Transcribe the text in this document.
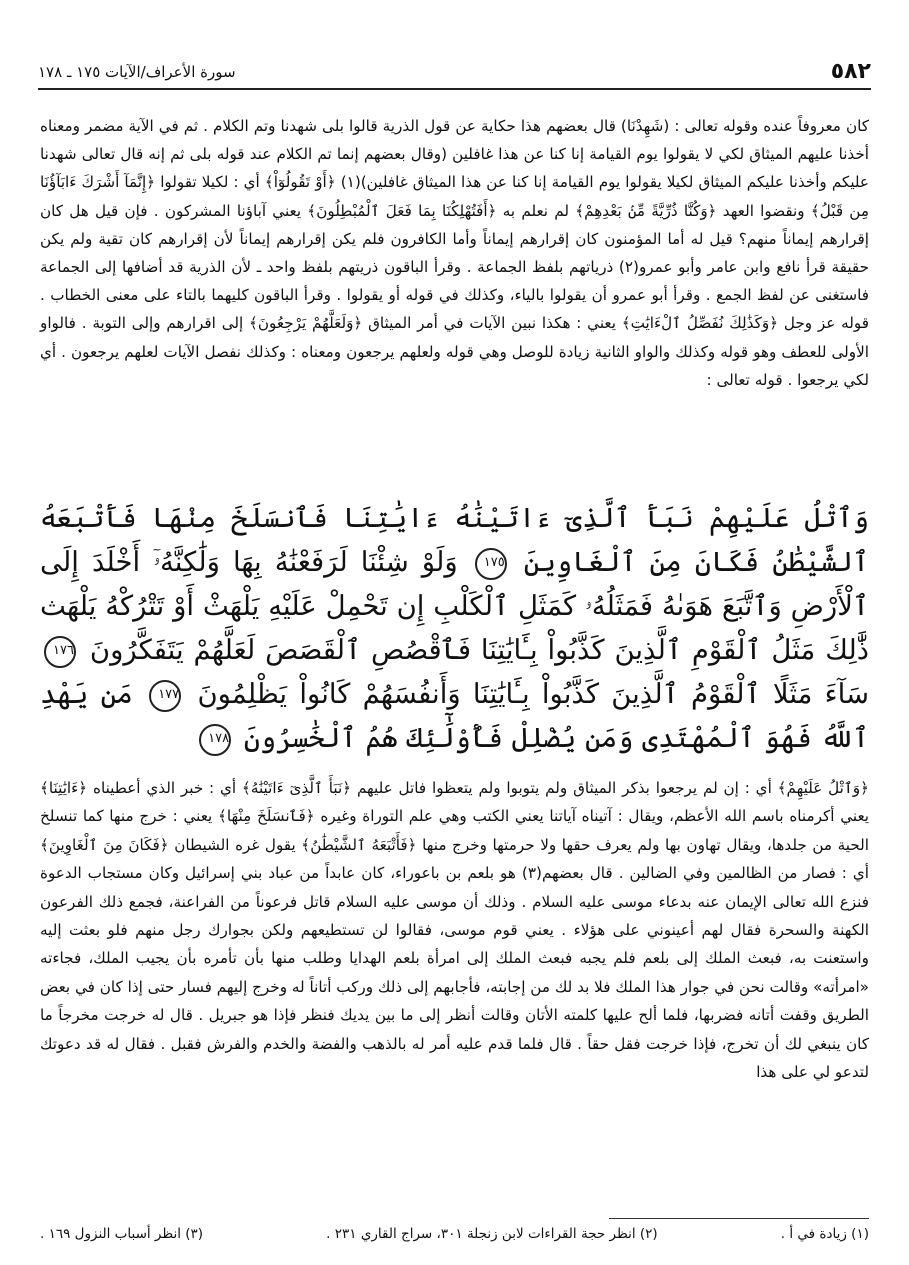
٥٨٢
سورة الأعراف/الآيات ١٧٥ ـ ١٧٨

كان معروفاً عنده وقوله تعالى : (شَهِدْنَا) قال بعضهم هذا حكاية عن قول الذرية قالوا بلى شهدنا وتم الكلام . ثم في الآية مضمر ومعناه أخذنا عليهم الميثاق لكي لا يقولوا يوم القيامة إنا كنا عن هذا غافلين (وقال بعضهم إنما تم الكلام عند قوله بلى ثم إنه قال تعالى شهدنا عليكم وأخذنا عليكم الميثاق لكيلا يقولوا يوم القيامة إنا كنا عن هذا الميثاق غافلين)(١) ﴿أَوْ تَقُولُوٓاْ﴾ أي : لكيلا تقولوا ﴿إِنَّمَآ أَشْرَكَ ءَابَآؤُنَا مِن قَبْلُ﴾ ونقضوا العهد ﴿وَكُنَّا ذُرِّيَّةً مِّنۢ بَعْدِهِمْ﴾ لم نعلم به ﴿أَفَتُهْلِكُنَا بِمَا فَعَلَ ٱلْمُبْطِلُونَ﴾ يعني آباؤنا المشركون . فإن قيل هل كان إقرارهم إيماناً منهم؟ قيل له أما المؤمنون كان إقرارهم إيماناً وأما الكافرون فلم يكن إقرارهم إيماناً لأن إقرارهم كان تقية ولم يكن حقيقة قرأ نافع وابن عامر وأبو عمرو(٢) ذرياتهم بلفظ الجماعة . وقرأ الباقون ذريتهم بلفظ واحد ـ لأن الذرية قد أضافها إلى الجماعة فاستغنى عن لفظ الجمع . وقرأ أبو عمرو أن يقولوا بالياء، وكذلك في قوله أو يقولوا . وقرأ الباقون كليهما بالتاء على معنى الخطاب . قوله عز وجل ﴿وَكَذَٰلِكَ نُفَصِّلُ ٱلْءَايَٰتِ﴾ يعني : هكذا نبين الآيات في أمر الميثاق ﴿وَلَعَلَّهُمْ يَرْجِعُونَ﴾ إلى اقرارهم وإلى التوبة . فالواو الأولى للعطف وهو قوله وكذلك والواو الثانية زيادة للوصل وهي قوله ولعلهم يرجعون ومعناه : وكذلك نفصل الآيات لعلهم يرجعون . أي لكي يرجعوا . قوله تعالى :

وَٱتْلُ عَلَيْهِمْ نَبَأَ ٱلَّذِىٓ ءَاتَيْنَٰهُ ءَايَٰتِنَا فَٱنسَلَخَ مِنْهَا فَأَتْبَعَهُ ٱلشَّيْطَٰنُ فَكَانَ مِنَ ٱلْغَاوِينَ ١٧٥ وَلَوْ شِئْنَا لَرَفَعْنَٰهُ بِهَا وَلَٰكِنَّهُۥٓ أَخْلَدَ إِلَى ٱلْأَرْضِ وَٱتَّبَعَ هَوَىٰهُ فَمَثَلُهُۥ كَمَثَلِ ٱلْكَلْبِ إِن تَحْمِلْ عَلَيْهِ يَلْهَثْ أَوْ تَتْرُكْهُ يَلْهَث ذَّٰلِكَ مَثَلُ ٱلْقَوْمِ ٱلَّذِينَ كَذَّبُواْ بِـَٔايَٰتِنَا فَٱقْصُصِ ٱلْقَصَصَ لَعَلَّهُمْ يَتَفَكَّرُونَ ١٧٦ سَآءَ مَثَلًا ٱلْقَوْمُ ٱلَّذِينَ كَذَّبُواْ بِـَٔايَٰتِنَا وَأَنفُسَهُمْ كَانُواْ يَظْلِمُونَ ١٧٧ مَن يَهْدِ ٱللَّهُ فَهُوَ ٱلْمُهْتَدِى وَمَن يُضْلِلْ فَأُوْلَٰٓئِكَ هُمُ ٱلْخَٰسِرُونَ ١٧٨
﴿وَٱتْلُ عَلَيْهِمْ﴾ أي : إن لم يرجعوا بذكر الميثاق ولم يتوبوا ولم يتعظوا فاتل عليهم ﴿نَبَأَ ٱلَّذِىٓ ءَاتَيْنَٰهُ﴾ أي : خبر الذي أعطيناه ﴿ءَايَٰتِنَا﴾ يعني أكرمناه باسم الله الأعظم، ويقال : آتيناه آياتنا يعني الكتب وهي علم التوراة وغيره ﴿فَٱنسَلَخَ مِنْهَا﴾ يعني : خرج منها كما تنسلخ الحية من جلدها، ويقال تهاون بها ولم يعرف حقها ولا حرمتها وخرج منها ﴿فَأَتْبَعَهُ ٱلشَّيْطَٰنُ﴾ يقول غره الشيطان ﴿فَكَانَ مِنَ ٱلْغَاوِينَ﴾ أي : فصار من الظالمين وفي الضالين . قال بعضهم(٣) هو بلعم بن باعوراء، كان عابداً من عباد بني إسرائيل وكان مستجاب الدعوة فنزع الله تعالى الإيمان عنه بدعاء موسى عليه السلام . وذلك أن موسى عليه السلام قاتل فرعوناً من الفراعنة، فجمع ذلك الفرعون الكهنة والسحرة فقال لهم أعينوني على هؤلاء . يعني قوم موسى، فقالوا لن تستطيعهم ولكن بجوارك رجل منهم فلو بعثت إليه واستعنت به، فبعث الملك إلى بلعم فلم يجبه فبعث الملك إلى امرأة بلعم الهدايا وطلب منها بأن تأمره بأن يجيب الملك، فجاءته «امرأته» وقالت نحن في جوار هذا الملك فلا بد لك من إجابته، فأجابهم إلى ذلك وركب أتاناً له وخرج إليهم فسار حتى إذا كان في بعض الطريق وقفت أتانه فضربها، فلما ألح عليها كلمته الأتان وقالت أنظر إلى ما بين يديك فنظر فإذا هو جبريل . قال له خرجت مخرجاً ما كان ينبغي لك أن تخرج، فإذا خرجت فقل حقاً . قال فلما قدم عليه أمر له بالذهب والفضة والخدم والفرش فقبل . فقال له قد دعوتك لتدعو لي على هذا
(١) زيادة في أ .
(٢) انظر حجة القراءات لابن زنجلة ٣٠١، سراج القاري ٢٣١ .
(٣) انظر أسباب النزول ١٦٩ .
